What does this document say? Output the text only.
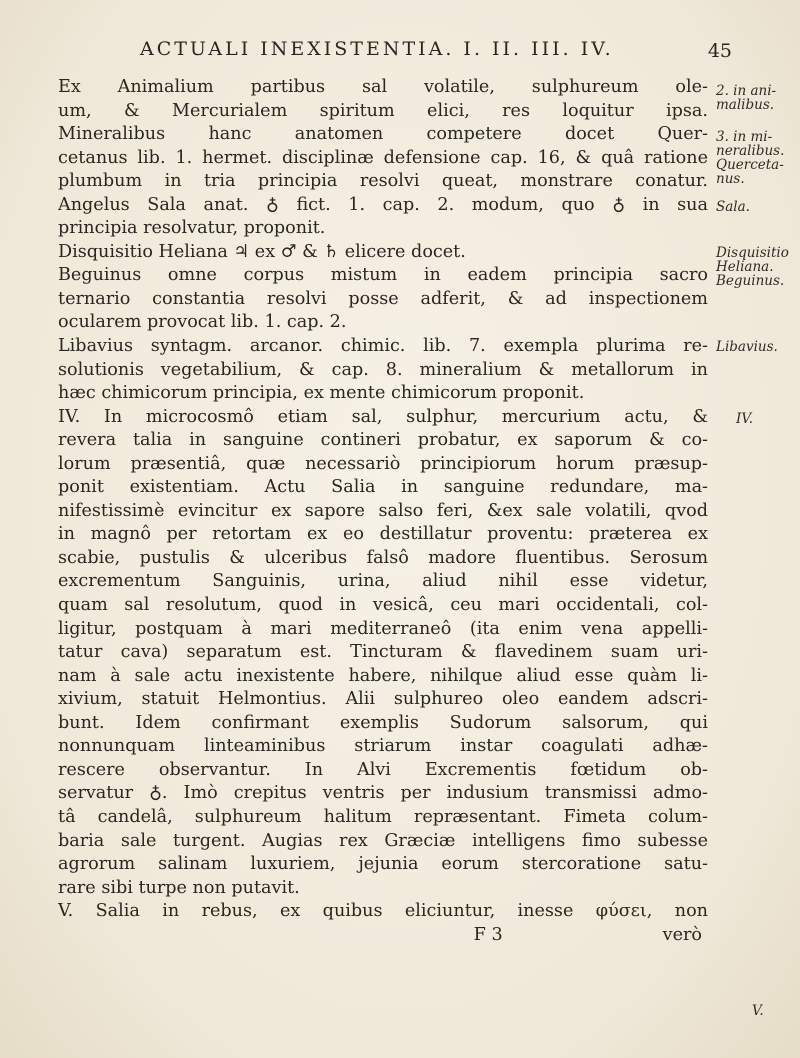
ACTUALI INEXISTENTIA. I. II. III. IV.	45
Ex Animalium partibus sal volatile, sulphureum ole-
um, & Mercurialem spiritum elici, res loquitur ipsa.
Mineralibus hanc anatomen competere docet Quer-
cetanus lib. 1. hermet. disciplinæ defensione cap. 16, & quâ ratione
plumbum in tria principia resolvi queat, monstrare conatur.
Angelus Sala anat. ♁ fict. 1. cap. 2. modum, quo ♁ in sua
principia resolvatur, proponit.
Disquisitio Heliana ♃ ex ♂ & ♄ elicere docet.
Beguinus omne corpus mistum in eadem principia sacro
ternario constantia resolvi posse adferit, & ad inspectionem
ocularem provocat lib. 1. cap. 2.
Libavius syntagm. arcanor. chimic. lib. 7. exempla plurima re-
solutionis vegetabilium, & cap. 8. mineralium & metallorum in
hæc chimicorum principia, ex mente chimicorum proponit.
IV. In microcosmô etiam sal, sulphur, mercurium actu, &
revera talia in sanguine contineri probatur, ex saporum & co-
lorum præsentiâ, quæ necessariò principiorum horum præsup-
ponit existentiam. Actu Salia in sanguine redundare, ma-
nifestissimè evincitur ex sapore salso feri, &ex sale volatili, qvod
in magnô per retortam ex eo destillatur proventu: præterea ex
scabie, pustulis & ulceribus falsô madore fluentibus. Serosum
excrementum Sanguinis, urina, aliud nihil esse videtur,
quam sal resolutum, quod in vesicâ, ceu mari occidentali, col-
ligitur, postquam à mari mediterraneô (ita enim vena appelli-
tatur cava) separatum est. Tincturam & flavedinem suam uri-
nam à sale actu inexistente habere, nihilque aliud esse quàm li-
xivium, statuit Helmontius. Alii sulphureo oleo eandem adscri-
bunt. Idem confirmant exemplis Sudorum salsorum, qui
nonnunquam linteaminibus striarum instar coagulati adhæ-
rescere observantur. In Alvi Excrementis fœtidum ob-
servatur ♁. Imò crepitus ventris per indusium transmissi admo-
tâ candelâ, sulphureum halitum repræsentant. Fimeta colum-
baria sale turgent. Augias rex Græciæ intelligens fimo subesse
agrorum salinam luxuriem, jejunia eorum stercoratione satu-
rare sibi turpe non putavit.
V. Salia in rebus, ex quibus eliciuntur, inesse φύσει, non
F 3	verò
2. in ani-
malibus.
3. in mi-
neralibus.
Querceta-
nus.
Sala.
Disquisitio
Heliana.
Beguinus.
Libavius.
IV.
V.
